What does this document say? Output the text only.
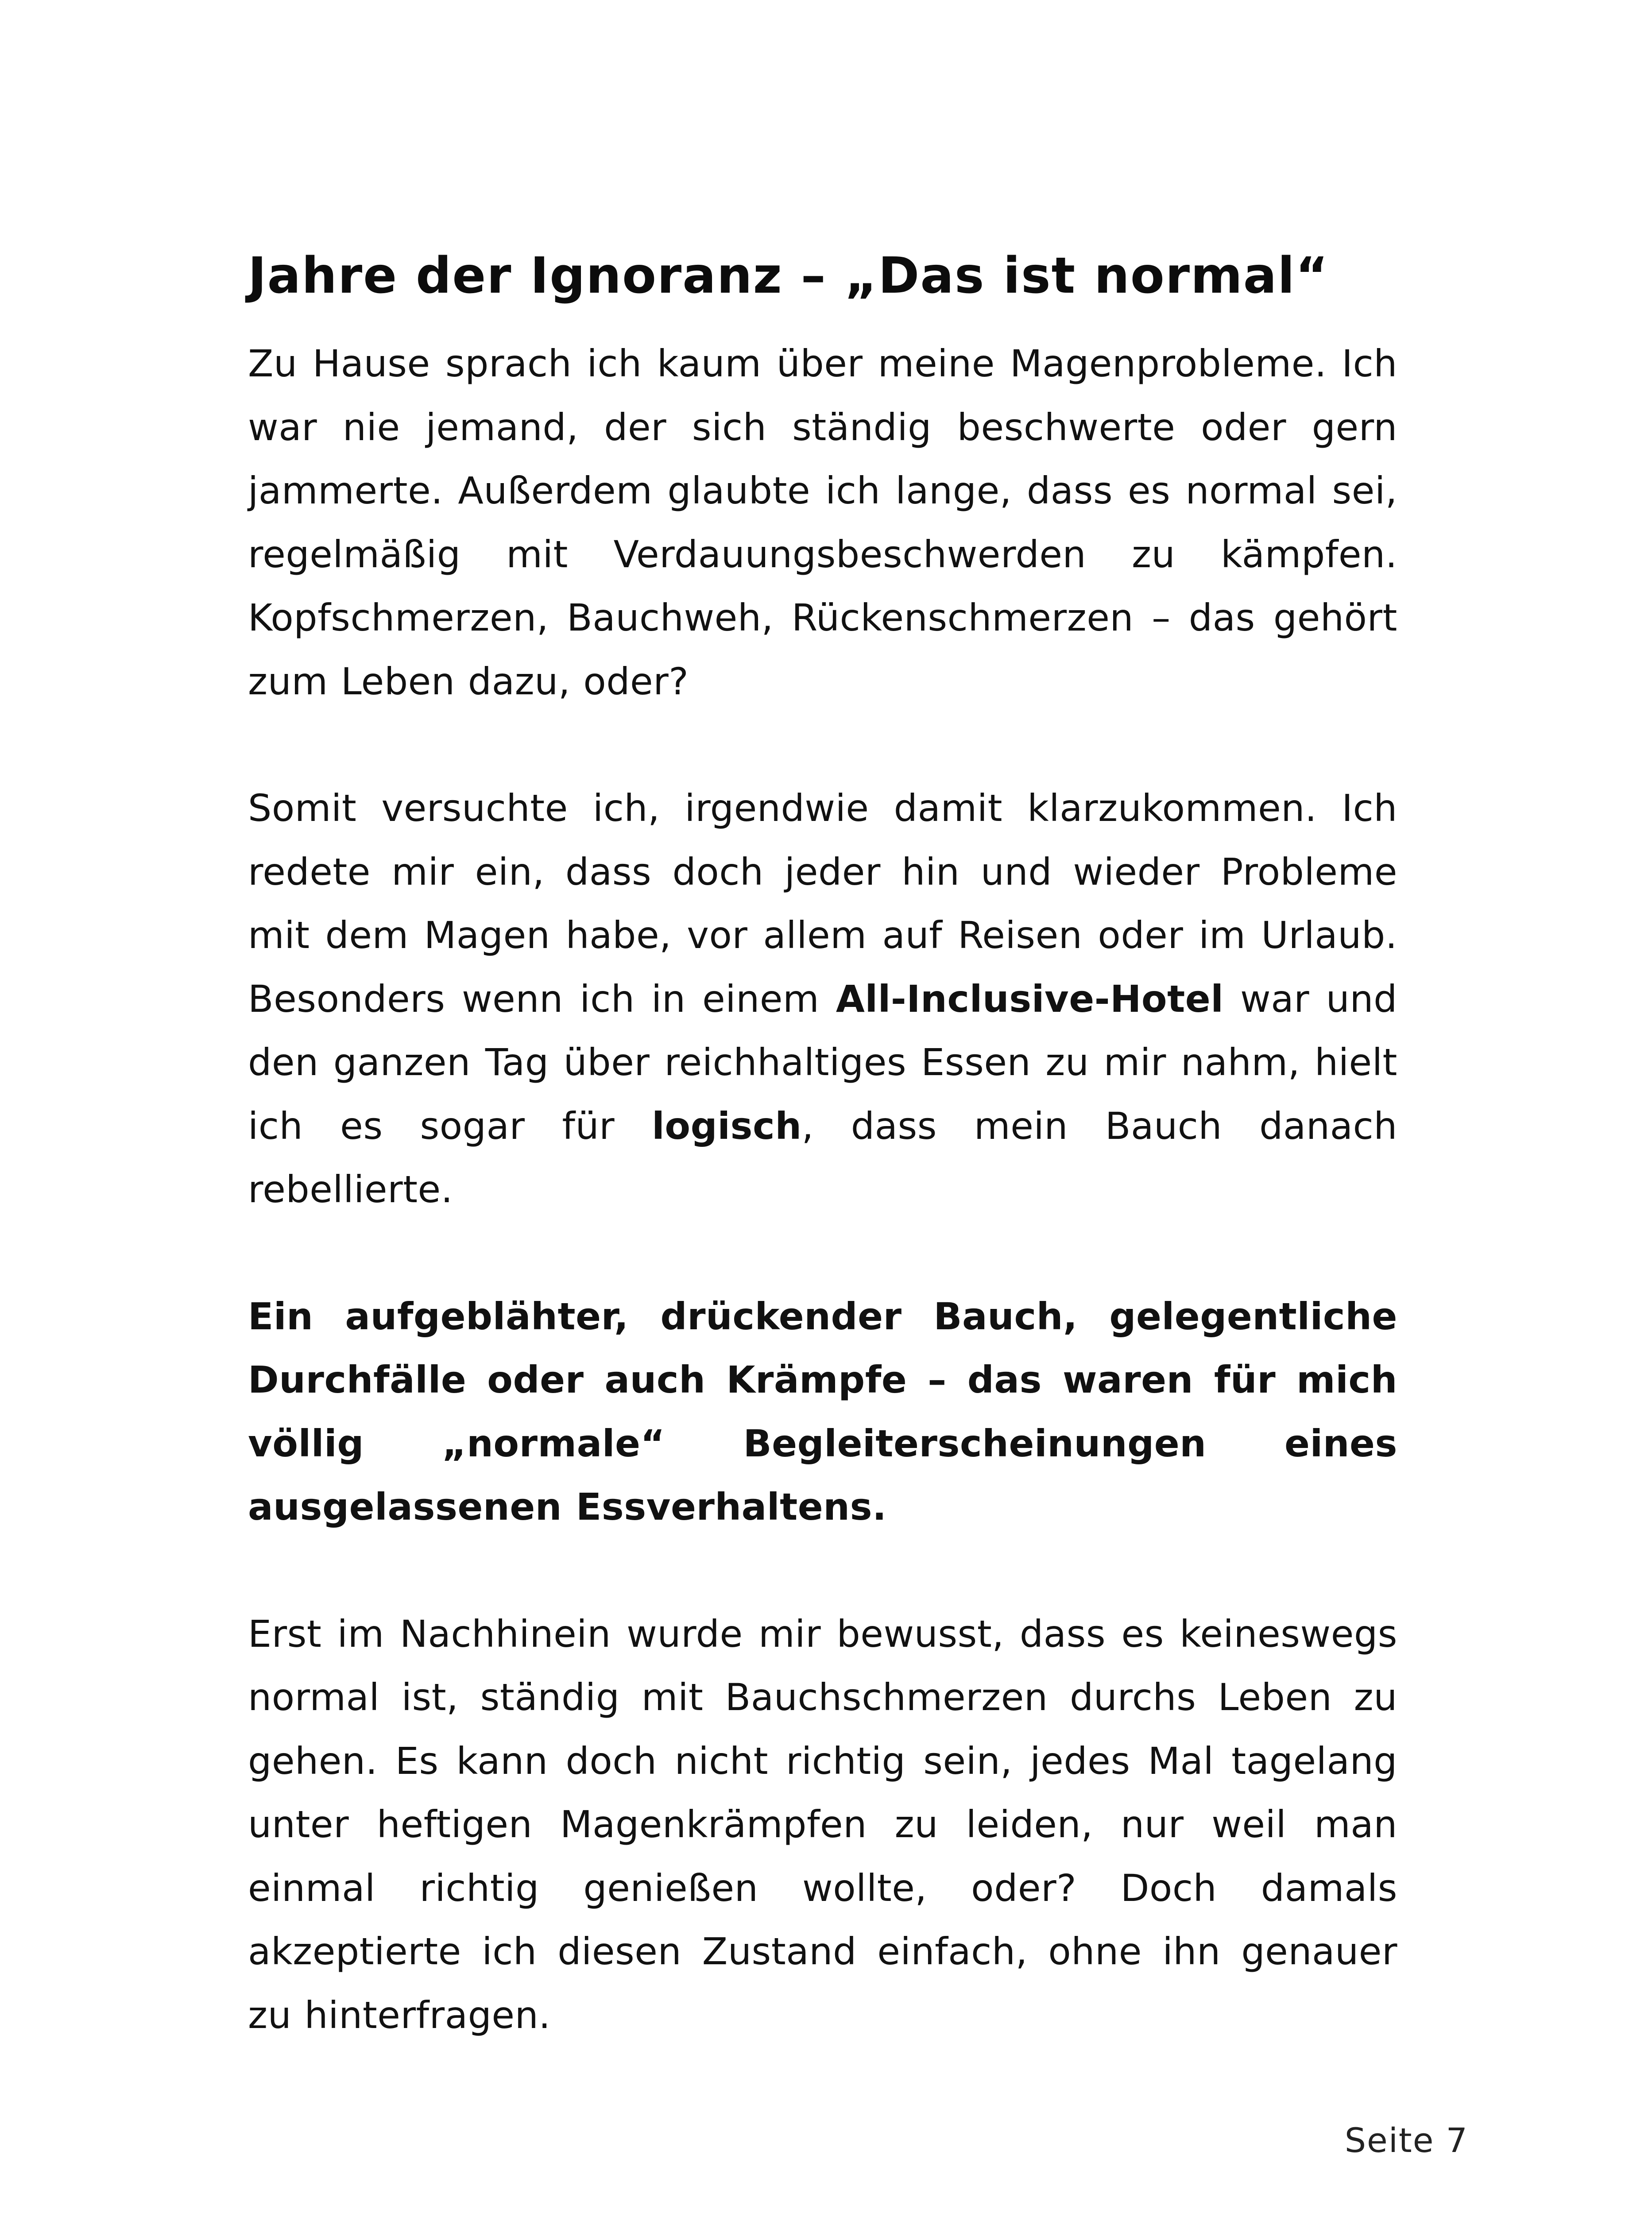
Jahre der Ignoranz – „Das ist normal“

Zu Hause sprach ich kaum über meine Magenprobleme. Ich war nie jemand, der sich ständig beschwerte oder gern jammerte. Außerdem glaubte ich lange, dass es normal sei, regelmäßig mit Verdauungsbeschwerden zu kämpfen. Kopfschmerzen, Bauchweh, Rückenschmerzen – das gehört zum Leben dazu, oder?

Somit versuchte ich, irgendwie damit klarzukommen. Ich redete mir ein, dass doch jeder hin und wieder Probleme mit dem Magen habe, vor allem auf Reisen oder im Urlaub. Besonders wenn ich in einem All-Inclusive-Hotel war und den ganzen Tag über reichhaltiges Essen zu mir nahm, hielt ich es sogar für logisch, dass mein Bauch danach rebellierte.

Ein aufgeblähter, drückender Bauch, gelegentliche Durchfälle oder auch Krämpfe – das waren für mich völlig „normale“ Begleiterscheinungen eines ausgelassenen Essverhaltens.

Erst im Nachhinein wurde mir bewusst, dass es keineswegs normal ist, ständig mit Bauchschmerzen durchs Leben zu gehen. Es kann doch nicht richtig sein, jedes Mal tagelang unter heftigen Magenkrämpfen zu leiden, nur weil man einmal richtig genießen wollte, oder? Doch damals akzeptierte ich diesen Zustand einfach, ohne ihn genauer zu hinterfragen.

Seite 7
